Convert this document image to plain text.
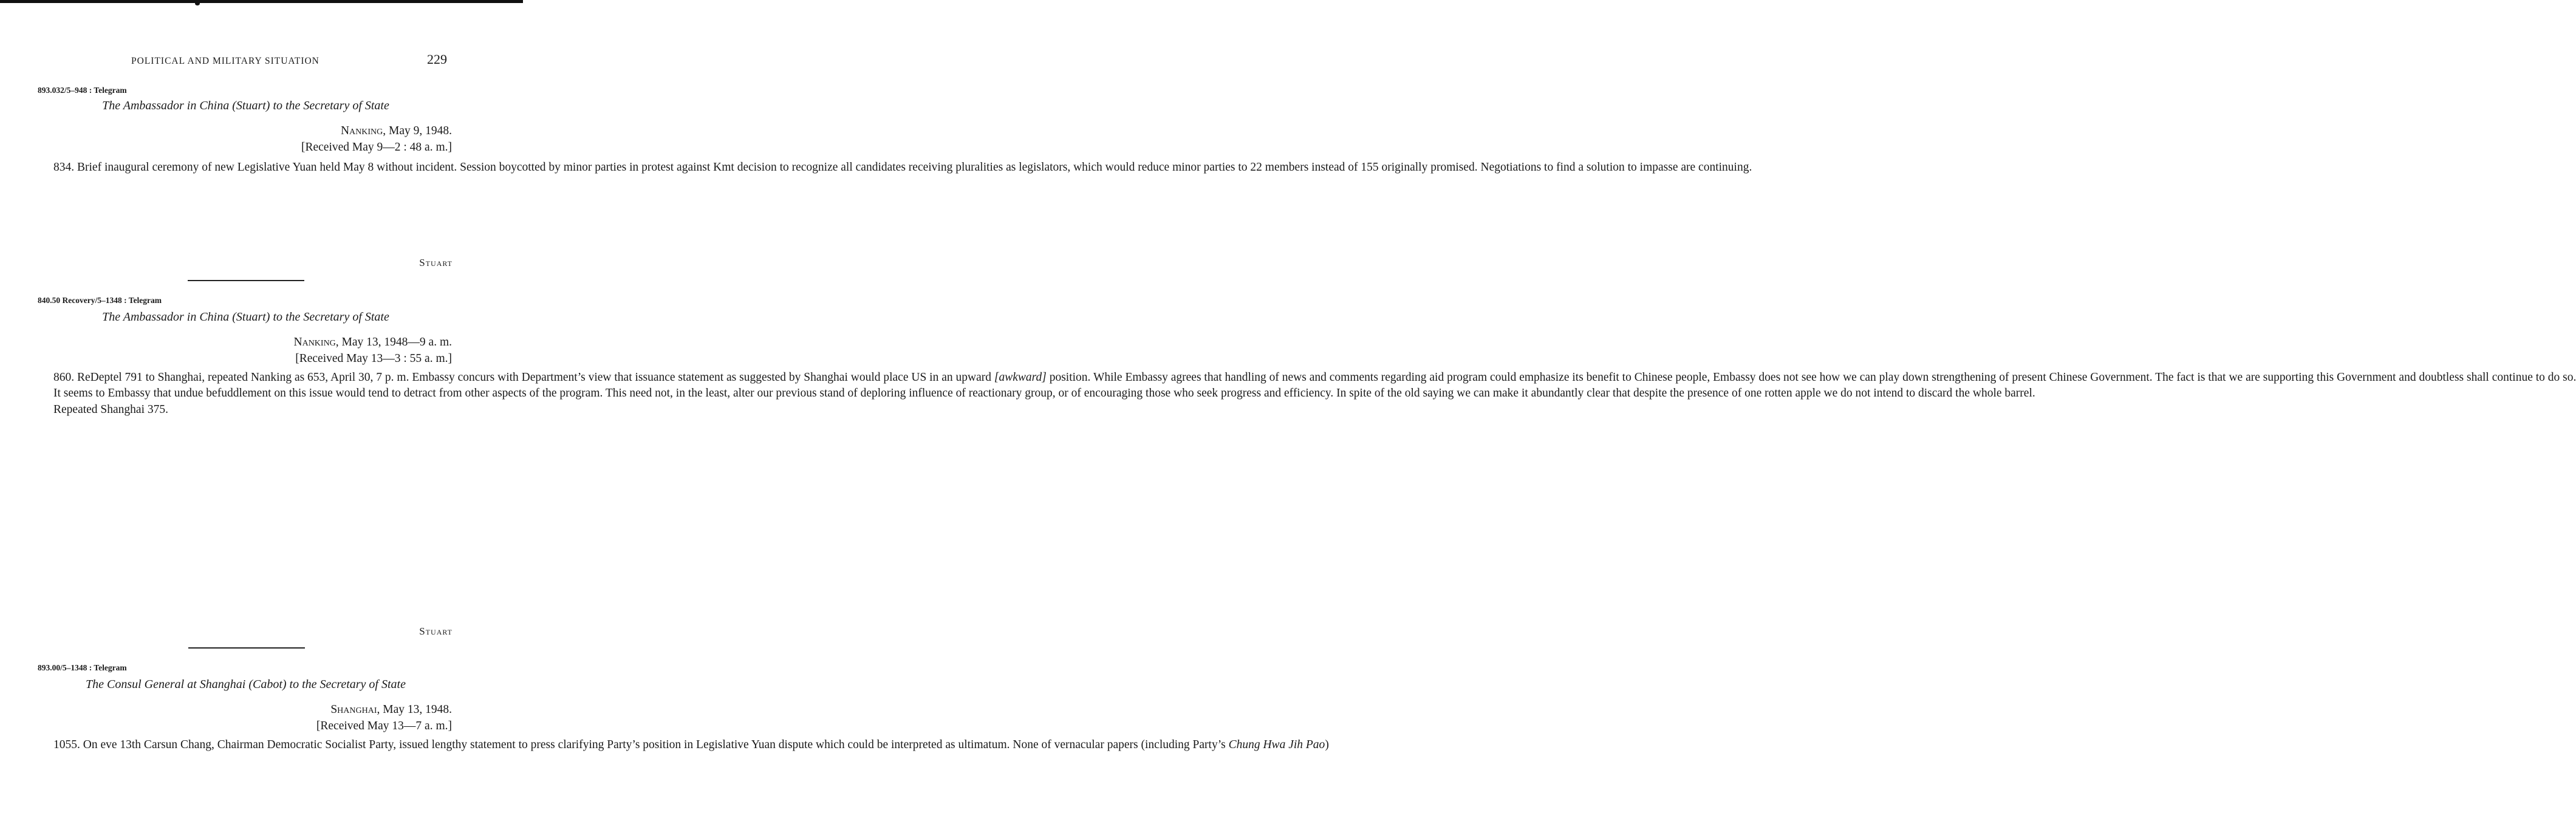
POLITICAL AND MILITARY SITUATION	229
893.032/5–948 : Telegram
The Ambassador in China (Stuart) to the Secretary of State
Nanking, May 9, 1948.
[Received May 9—2 : 48 a. m.]

834. Brief inaugural ceremony of new Legislative Yuan held May 8 without incident. Session boycotted by minor parties in protest against Kmt decision to recognize all candidates receiving pluralities as legislators, which would reduce minor parties to 22 members instead of 155 originally promised. Negotiations to find a solution to impasse are continuing.

Stuart
840.50 Recovery/5–1348 : Telegram
The Ambassador in China (Stuart) to the Secretary of State
Nanking, May 13, 1948—9 a. m.
[Received May 13—3 : 55 a. m.]

860. ReDeptel 791 to Shanghai, repeated Nanking as 653, April 30, 7 p. m. Embassy concurs with Department’s view that issuance statement as suggested by Shanghai would place US in an upward [awkward] position. While Embassy agrees that handling of news and comments regarding aid program could emphasize its benefit to Chinese people, Embassy does not see how we can play down strengthening of present Chinese Government. The fact is that we are supporting this Government and doubtless shall continue to do so.

It seems to Embassy that undue befuddlement on this issue would tend to detract from other aspects of the program. This need not, in the least, alter our previous stand of deploring influence of reactionary group, or of encouraging those who seek progress and efficiency. In spite of the old saying we can make it abundantly clear that despite the presence of one rotten apple we do not intend to discard the whole barrel.

Repeated Shanghai 375.

Stuart
893.00/5–1348 : Telegram
The Consul General at Shanghai (Cabot) to the Secretary of State
Shanghai, May 13, 1948.
[Received May 13—7 a. m.]

1055. On eve 13th Carsun Chang, Chairman Democratic Socialist Party, issued lengthy statement to press clarifying Party’s position in Legislative Yuan dispute which could be interpreted as ultimatum. None of vernacular papers (including Party’s Chung Hwa Jih Pao)
